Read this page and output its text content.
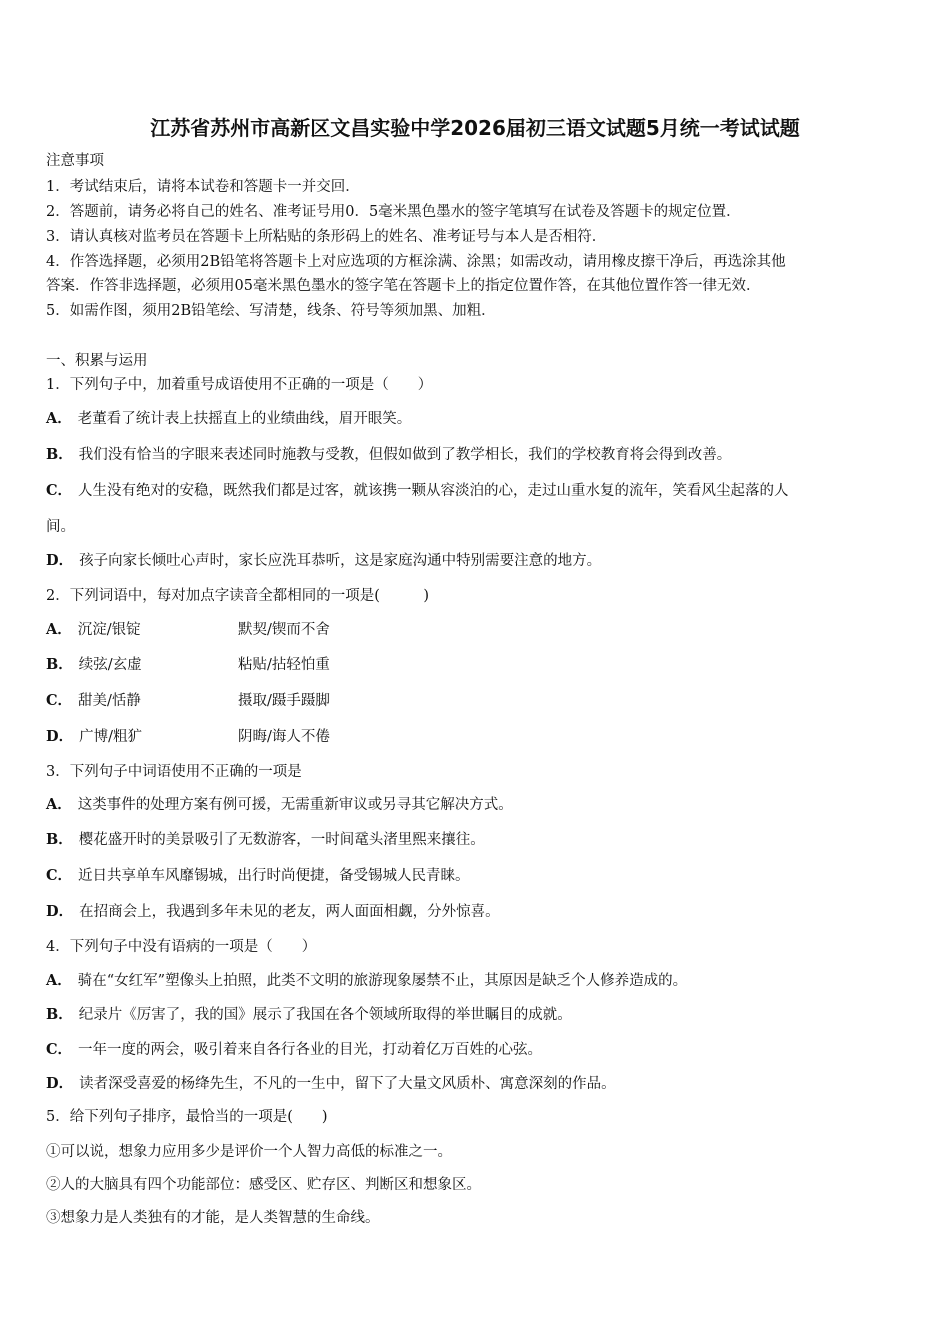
江苏省苏州市高新区文昌实验中学2026届初三语文试题5月统一考试试题
注意事项
1．考试结束后，请将本试卷和答题卡一并交回．
2．答题前，请务必将自己的姓名、准考证号用0．5毫米黑色墨水的签字笔填写在试卷及答题卡的规定位置．
3．请认真核对监考员在答题卡上所粘贴的条形码上的姓名、准考证号与本人是否相符．
4．作答选择题，必须用2B铅笔将答题卡上对应选项的方框涂满、涂黑；如需改动，请用橡皮擦干净后，再选涂其他
答案．作答非选择题，必须用05毫米黑色墨水的签字笔在答题卡上的指定位置作答，在其他位置作答一律无效．
5．如需作图，须用2B铅笔绘、写清楚，线条、符号等须加黑、加粗．
一、积累与运用
1．下列句子中，加着重号成语使用不正确的一项是（　　）
A． 老董看了统计表上扶摇直上的业绩曲线，眉开眼笑。
B． 我们没有恰当的字眼来表述同时施教与受教，但假如做到了教学相长，我们的学校教育将会得到改善。
C． 人生没有绝对的安稳，既然我们都是过客，就该携一颗从容淡泊的心，走过山重水复的流年，笑看风尘起落的人
间。
D． 孩子向家长倾吐心声时，家长应洗耳恭听，这是家庭沟通中特别需要注意的地方。
2．下列词语中，每对加点字读音全都相同的一项是(　　　)
A． 沉淀/银锭	默契/锲而不舍
B． 续弦/玄虚	粘贴/拈轻怕重
C． 甜美/恬静	摄取/蹑手蹑脚
D． 广博/粗犷	阴晦/诲人不倦
3．下列句子中词语使用不正确的一项是
A． 这类事件的处理方案有例可援，无需重新审议或另寻其它解决方式。
B． 樱花盛开时的美景吸引了无数游客，一时间鼋头渚里熙来攘往。
C． 近日共享单车风靡锡城，出行时尚便捷，备受锡城人民青睐。
D． 在招商会上，我遇到多年未见的老友，两人面面相觑，分外惊喜。
4．下列句子中没有语病的一项是（　　）
A． 骑在“女红军”塑像头上拍照，此类不文明的旅游现象屡禁不止，其原因是缺乏个人修养造成的。
B． 纪录片《厉害了，我的国》展示了我国在各个领域所取得的举世瞩目的成就。
C． 一年一度的两会，吸引着来自各行各业的目光，打动着亿万百姓的心弦。
D． 读者深受喜爱的杨绛先生，不凡的一生中，留下了大量文风质朴、寓意深刻的作品。
5．给下列句子排序，最恰当的一项是(　　)
①可以说，想象力应用多少是评价一个人智力高低的标准之一。
②人的大脑具有四个功能部位：感受区、贮存区、判断区和想象区。
③想象力是人类独有的才能，是人类智慧的生命线。
